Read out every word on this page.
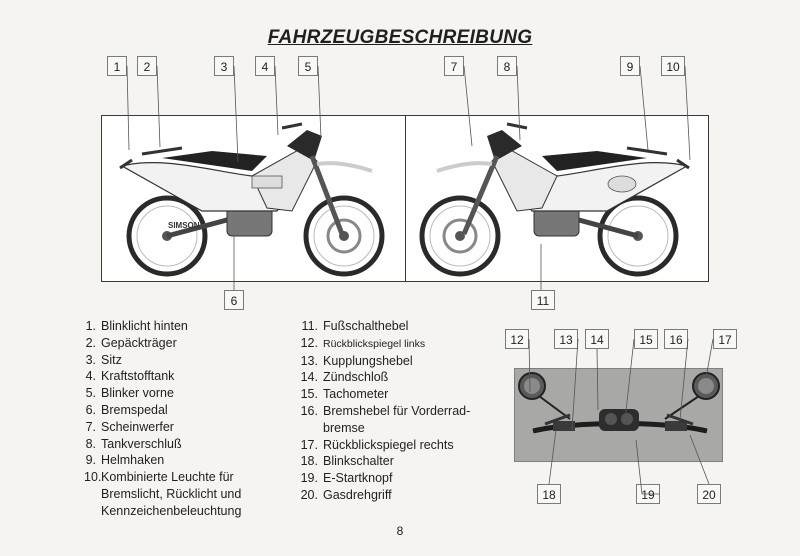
FAHRZEUGBESCHREIBUNG
1	2	3	4	5	7	8	9	10
SIMSON
6	11
12	13	14	15	16	17
18	19	20
1. Blinklicht hinten
2. Gepäckträger
3. Sitz
4. Kraftstofftank
5. Blinker vorne
6. Bremspedal
7. Scheinwerfer
8. Tankverschluß
9. Helmhaken
10.Kombinierte Leuchte für
Bremslicht, Rücklicht und
Kennzeichenbeleuchtung
11. Fußschalthebel
12. Rückblickspiegel links
13. Kupplungshebel
14. Zündschloß
15. Tachometer
16. Bremshebel für Vorderrad-
bremse
17. Rückblickspiegel rechts
18. Blinkschalter
19. E-Startknopf
20. Gasdrehgriff
8
